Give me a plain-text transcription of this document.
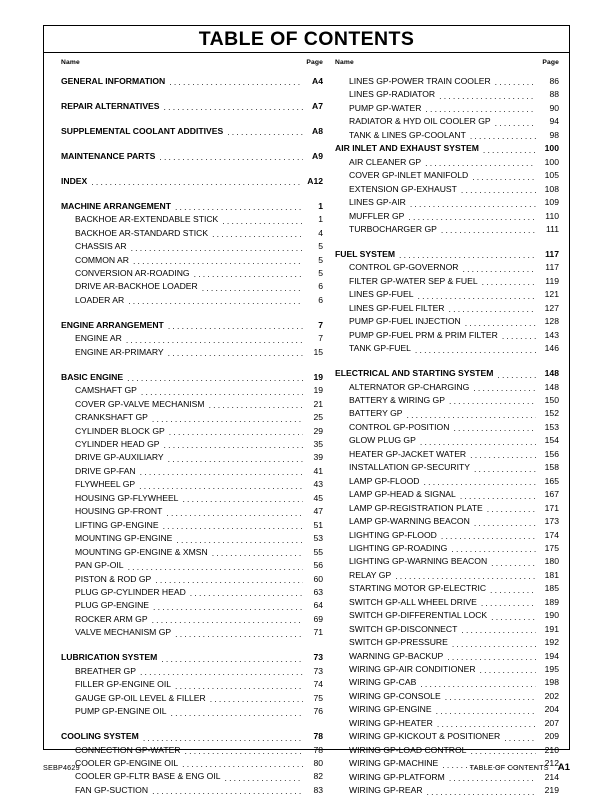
TABLE OF CONTENTS
Name	Page
GENERAL INFORMATION .....	A4
REPAIR ALTERNATIVES .....	A7
SUPPLEMENTAL COOLANT ADDITIVES .....	A8
MAINTENANCE PARTS .....	A9
INDEX .....	A12
MACHINE ARRANGEMENT .....	1
BACKHOE AR-EXTENDABLE STICK .....	1
BACKHOE AR-STANDARD STICK .....	4
CHASSIS AR .....	5
COMMON AR .....	5
CONVERSION AR-ROADING .....	5
DRIVE AR-BACKHOE LOADER .....	6
LOADER AR .....	6
ENGINE ARRANGEMENT .....	7
ENGINE AR .....	7
ENGINE AR-PRIMARY .....	15
BASIC ENGINE .....	19
CAMSHAFT GP .....	19
COVER GP-VALVE MECHANISM .....	21
CRANKSHAFT GP .....	25
CYLINDER BLOCK GP .....	29
CYLINDER HEAD GP .....	35
DRIVE GP-AUXILIARY .....	39
DRIVE GP-FAN .....	41
FLYWHEEL GP .....	43
HOUSING GP-FLYWHEEL .....	45
HOUSING GP-FRONT .....	47
LIFTING GP-ENGINE .....	51
MOUNTING GP-ENGINE .....	53
MOUNTING GP-ENGINE & XMSN .....	55
PAN GP-OIL .....	56
PISTON & ROD GP .....	60
PLUG GP-CYLINDER HEAD .....	63
PLUG GP-ENGINE .....	64
ROCKER ARM GP .....	69
VALVE MECHANISM GP .....	71
LUBRICATION SYSTEM .....	73
BREATHER GP .....	73
FILLER GP-ENGINE OIL .....	74
GAUGE GP-OIL LEVEL & FILLER .....	75
PUMP GP-ENGINE OIL .....	76
COOLING SYSTEM .....	78
CONNECTION GP-WATER .....	78
COOLER GP-ENGINE OIL .....	80
COOLER GP-FLTR BASE & ENG OIL .....	82
FAN GP-SUCTION .....	83
Name	Page
LINES GP-POWER TRAIN COOLER .....	86
LINES GP-RADIATOR .....	88
PUMP GP-WATER .....	90
RADIATOR & HYD OIL COOLER GP .....	94
TANK & LINES GP-COOLANT .....	98
AIR INLET AND EXHAUST SYSTEM .....	100
AIR CLEANER GP .....	100
COVER GP-INLET MANIFOLD .....	105
EXTENSION GP-EXHAUST .....	108
LINES GP-AIR .....	109
MUFFLER GP .....	110
TURBOCHARGER GP .....	111
FUEL SYSTEM .....	117
CONTROL GP-GOVERNOR .....	117
FILTER GP-WATER SEP & FUEL .....	119
LINES GP-FUEL .....	121
LINES GP-FUEL FILTER .....	127
PUMP GP-FUEL INJECTION .....	128
PUMP GP-FUEL PRM & PRIM FILTER .....	143
TANK GP-FUEL .....	146
ELECTRICAL AND STARTING SYSTEM .....	148
ALTERNATOR GP-CHARGING .....	148
BATTERY & WIRING GP .....	150
BATTERY GP .....	152
CONTROL GP-POSITION .....	153
GLOW PLUG GP .....	154
HEATER GP-JACKET WATER .....	156
INSTALLATION GP-SECURITY .....	158
LAMP GP-FLOOD .....	165
LAMP GP-HEAD & SIGNAL .....	167
LAMP GP-REGISTRATION PLATE .....	171
LAMP GP-WARNING BEACON .....	173
LIGHTING GP-FLOOD .....	174
LIGHTING GP-ROADING .....	175
LIGHTING GP-WARNING BEACON .....	180
RELAY GP .....	181
STARTING MOTOR GP-ELECTRIC .....	185
SWITCH GP-ALL WHEEL DRIVE .....	189
SWITCH GP-DIFFERENTIAL LOCK .....	190
SWITCH GP-DISCONNECT .....	191
SWITCH GP-PRESSURE .....	192
WARNING GP-BACKUP .....	194
WIRING GP-AIR CONDITIONER .....	195
WIRING GP-CAB .....	198
WIRING GP-CONSOLE .....	202
WIRING GP-ENGINE .....	204
WIRING GP-HEATER .....	207
WIRING GP-KICKOUT & POSITIONER .....	209
WIRING GP-LOAD CONTROL .....	210
WIRING GP-MACHINE .....	212
WIRING GP-PLATFORM .....	214
WIRING GP-REAR .....	219
SEBP4629	TABLE OF CONTENTS A1
